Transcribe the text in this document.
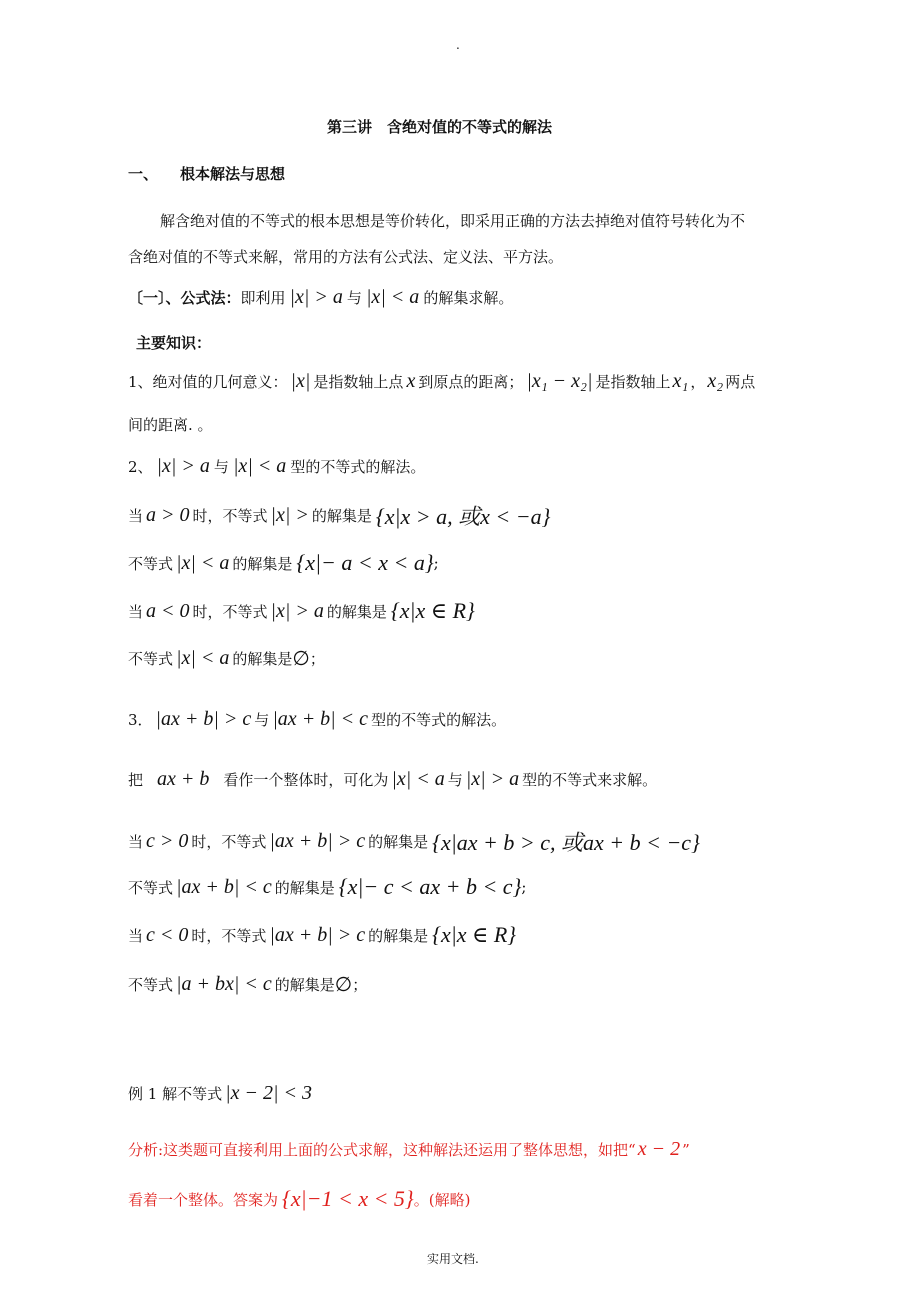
.
第三讲　含绝对值的不等式的解法
一、 根本解法与思想
解含绝对值的不等式的根本思想是等价转化，即采用正确的方法去掉绝对值符号转化为不
含绝对值的不等式来解，常用的方法有公式法、定义法、平方法。
〔一〕、 公式法： 即利用 |x| > a 与 |x| < a 的解集求解。
主要知识：
1、绝对值的几何意义： |x| 是指数轴上点 x 到原点的距离； |x₁ − x₂| 是指数轴上 x₁ ， x₂ 两点
间的距离. 。
2、 |x| > a 与 |x| < a 型的不等式的解法。
当 a > 0 时，不等式 |x| > 的解集是 {x|x > a, 或x < −a}
不等式 |x| < a 的解集是 {x|− a < x < a} ;
当 a < 0 时，不等式 |x| > a 的解集是 {x|x ∈ R}
不等式 |x| < a 的解集是 ∅ ；
3． |ax + b| > c 与 |ax + b| < c 型的不等式的解法。
把 ax + b 看作一个整体时，可化为 |x| < a 与 |x| > a 型的不等式来求解。
当 c > 0 时，不等式 |ax + b| > c 的解集是 {x|ax + b > c, 或ax + b < −c}
不等式 |ax + b| < c 的解集是 {x|− c < ax + b < c} ;
当 c < 0 时，不等式 |ax + b| > c 的解集是 {x|x ∈ R}
不等式 |a + bx| < c 的解集是 ∅ ；
例 1 解不等式 |x − 2| < 3
分析:这类题可直接利用上面的公式求解，这种解法还运用了整体思想，如把“ x − 2 ”
看着一个整体。答案为 {x|−1 < x < 5} 。(解略)
实用文档.
